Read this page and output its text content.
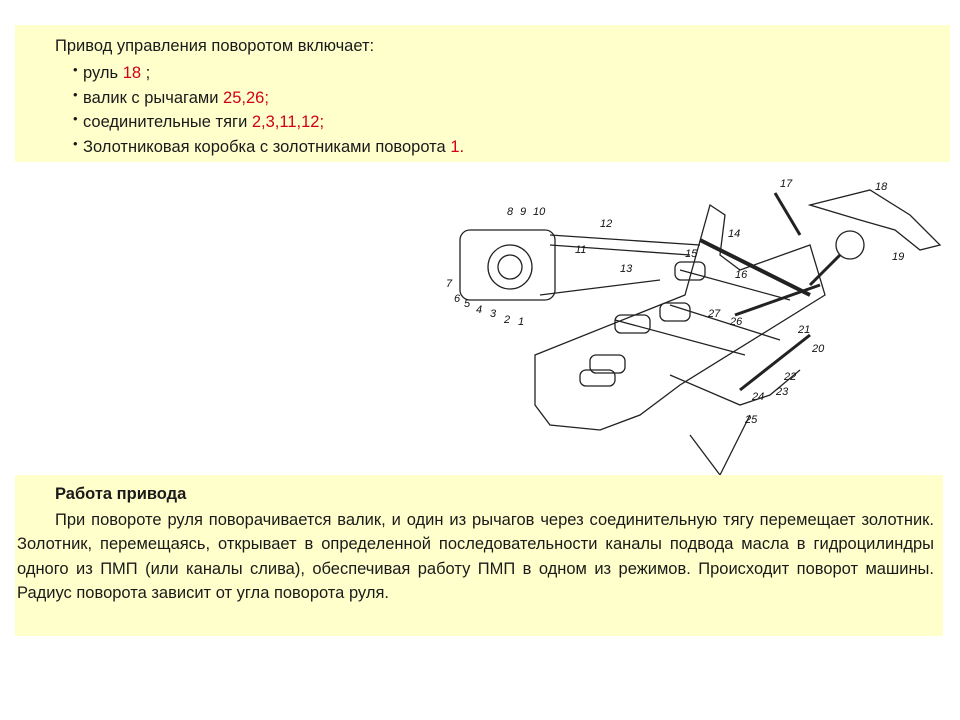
Привод управления поворотом включает:
• руль 18 ;
• валик с рычагами 25,26;
• соединительные тяги 2,3,11,12;
• Золотниковая коробка с золотниками поворота 1.
17	18
19
8 9 10
12
14
11	15
13	16
7
6 5 4 3 2 1
27
26
21
20
22
23
24
25
Работа привода
При повороте руля поворачивается валик, и один из рычагов через соединительную тягу перемещает золотник. Золотник, перемещаясь, открывает в определенной последовательности каналы подвода масла в гидроцилиндры одного из ПМП (или каналы слива), обеспечивая работу ПМП в одном из режимов. Происходит поворот машины. Радиус поворота зависит от угла поворота руля.
